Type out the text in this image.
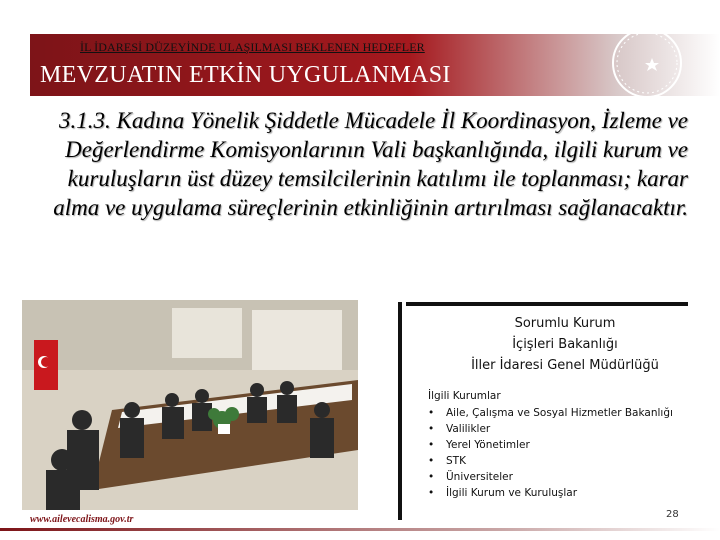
İL İDARESİ DÜZEYİNDE ULAŞILMASI BEKLENEN HEDEFLER
MEVZUATIN ETKİN UYGULANMASI
3.1.3. Kadına Yönelik Şiddetle Mücadele İl Koordinasyon, İzleme ve Değerlendirme Komisyonlarının Vali başkanlığında, ilgili kurum ve kuruluşların üst düzey temsilcilerinin katılımı ile toplanması; karar alma ve uygulama süreçlerinin etkinliğinin artırılması sağlanacaktır.
Sorumlu Kurum
İçişleri Bakanlığı
İller İdaresi Genel Müdürlüğü
İlgili Kurumlar
• Aile, Çalışma ve Sosyal Hizmetler Bakanlığı
• Valilikler
• Yerel Yönetimler
• STK
• Üniversiteler
• İlgili Kurum ve Kuruluşlar
28
www.ailevecalisma.gov.tr
